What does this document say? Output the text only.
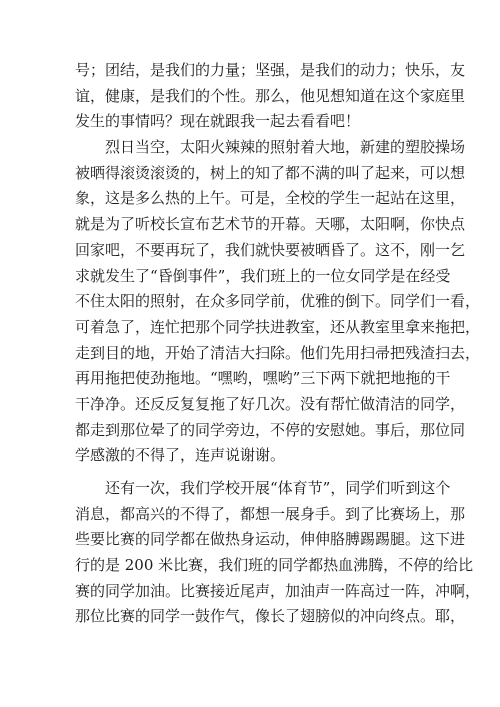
号；团结，是我们的力量；坚强，是我们的动力；快乐，友
谊，健康，是我们的个性。那么，他见想知道在这个家庭里
发生的事情吗？现在就跟我一起去看看吧！
烈日当空，太阳火辣辣的照射着大地，新建的塑胶操场
被晒得滚烫滚烫的，树上的知了都不满的叫了起来，可以想
象，这是多么热的上午。可是，全校的学生一起站在这里，
就是为了听校长宣布艺术节的开幕。天哪，太阳啊，你快点
回家吧，不要再玩了，我们就快要被晒昏了。这不，刚一乞
求就发生了“昏倒事件”，我们班上的一位女同学是在经受
不住太阳的照射，在众多同学前，优雅的倒下。同学们一看，
可着急了，连忙把那个同学扶进教室，还从教室里拿来拖把，
走到目的地，开始了清洁大扫除。他们先用扫帚把残渣扫去，
再用拖把使劲拖地。“嘿哟，嘿哟”三下两下就把地拖的干
干净净。还反反复复拖了好几次。没有帮忙做清洁的同学，
都走到那位晕了的同学旁边，不停的安慰她。事后，那位同
学感激的不得了，连声说谢谢。
还有一次，我们学校开展“体育节”，同学们听到这个
消息，都高兴的不得了，都想一展身手。到了比赛场上，那
些要比赛的同学都在做热身运动，伸伸胳膊踢踢腿。这下进
行的是 200 米比赛，我们班的同学都热血沸腾，不停的给比
赛的同学加油。比赛接近尾声，加油声一阵高过一阵，冲啊，
那位比赛的同学一鼓作气，像长了翅膀似的冲向终点。耶，
